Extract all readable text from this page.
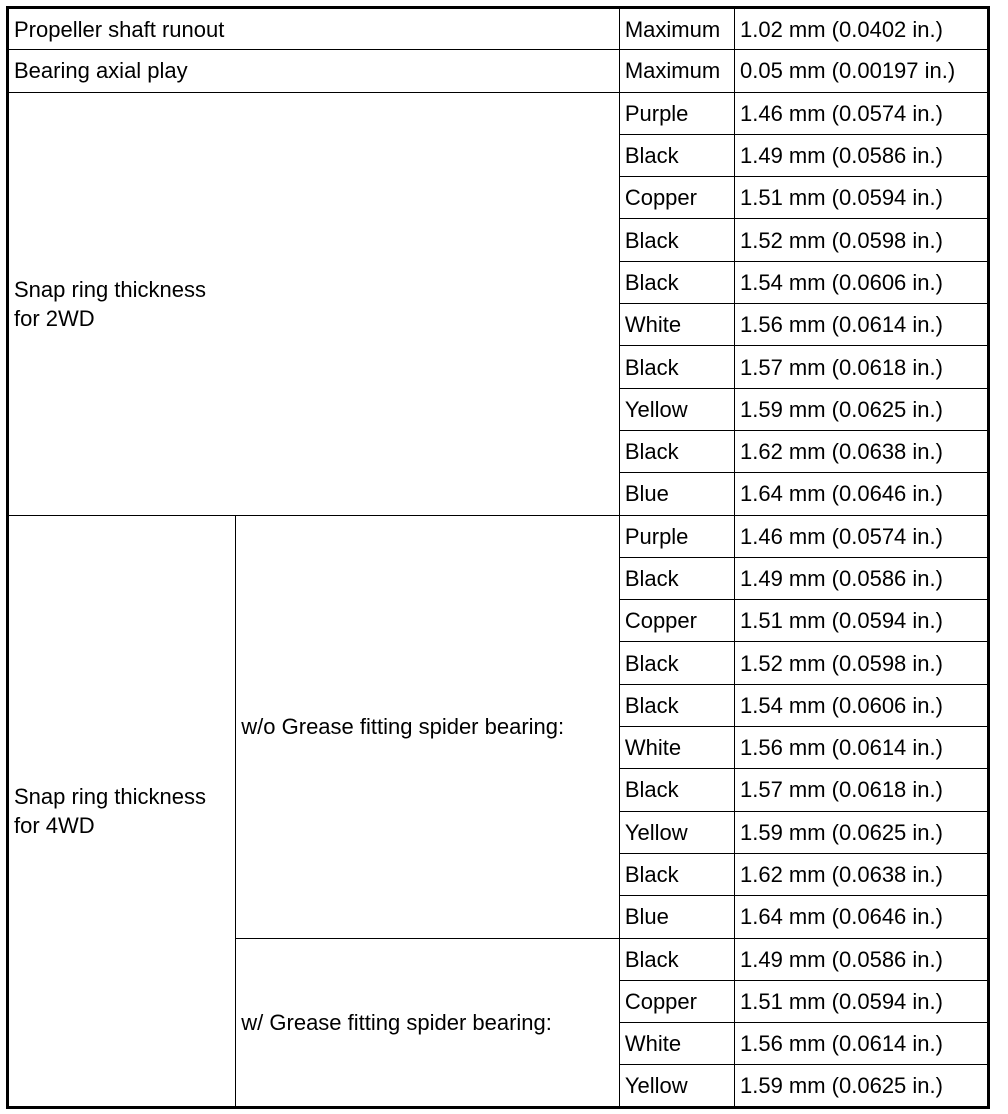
Propeller shaft runout		Maximum	1.02 mm (0.0402 in.)
Bearing axial play		Maximum	0.05 mm (0.00197 in.)
Snap ring thickness
for 2WD		Purple	1.46 mm (0.0574 in.)
		Black	1.49 mm (0.0586 in.)
		Copper	1.51 mm (0.0594 in.)
		Black	1.52 mm (0.0598 in.)
		Black	1.54 mm (0.0606 in.)
		White	1.56 mm (0.0614 in.)
		Black	1.57 mm (0.0618 in.)
		Yellow	1.59 mm (0.0625 in.)
		Black	1.62 mm (0.0638 in.)
		Blue	1.64 mm (0.0646 in.)
Snap ring thickness
for 4WD	w/o Grease fitting spider bearing:	Purple	1.46 mm (0.0574 in.)
		Black	1.49 mm (0.0586 in.)
		Copper	1.51 mm (0.0594 in.)
		Black	1.52 mm (0.0598 in.)
		Black	1.54 mm (0.0606 in.)
		White	1.56 mm (0.0614 in.)
		Black	1.57 mm (0.0618 in.)
		Yellow	1.59 mm (0.0625 in.)
		Black	1.62 mm (0.0638 in.)
		Blue	1.64 mm (0.0646 in.)
	w/ Grease fitting spider bearing:	Black	1.49 mm (0.0586 in.)
		Copper	1.51 mm (0.0594 in.)
		White	1.56 mm (0.0614 in.)
		Yellow	1.59 mm (0.0625 in.)
